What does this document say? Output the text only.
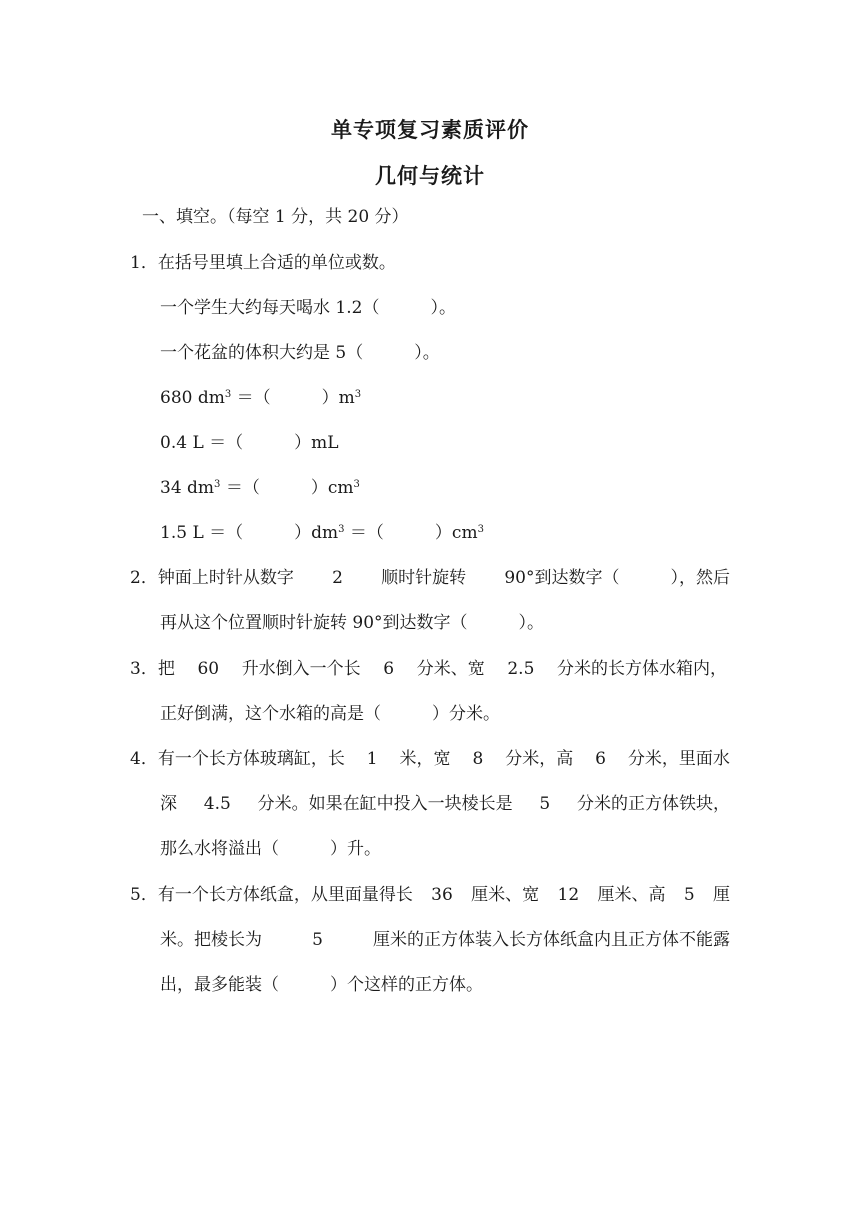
单专项复习素质评价
几何与统计
一、填空。（每空 1 分，共 20 分）
1．在括号里填上合适的单位或数。
一个学生大约每天喝水 1.2（　　　）。
一个花盆的体积大约是 5（　　　）。
680 $dm^3$ ＝（　　　）$m^3$
0.4 L ＝（　　　）mL
34 $dm^3$ ＝（　　　）$cm^3$
1.5 L ＝（　　　）$dm^3$ ＝（　　　）$cm^3$
2．钟面上时针从数字 2 顺时针旋转 90°到达数字（　　　），然后
再从这个位置顺时针旋转 90°到达数字（　　　）。
3．把 60 升水倒入一个长 6 分米、宽 2.5 分米的长方体水箱内，
正好倒满，这个水箱的高是（　　　）分米。
4．有一个长方体玻璃缸，长 1 米，宽 8 分米，高 6 分米，里面水
深 4.5 分米。如果在缸中投入一块棱长是 5 分米的正方体铁块，
那么水将溢出（　　　）升。
5．有一个长方体纸盒，从里面量得长 36 厘米、宽 12 厘米、高 5 厘
米。把棱长为	5	厘米的正方体装入长方体纸盒内且正方体不能露
出，最多能装（　　　）个这样的正方体。
